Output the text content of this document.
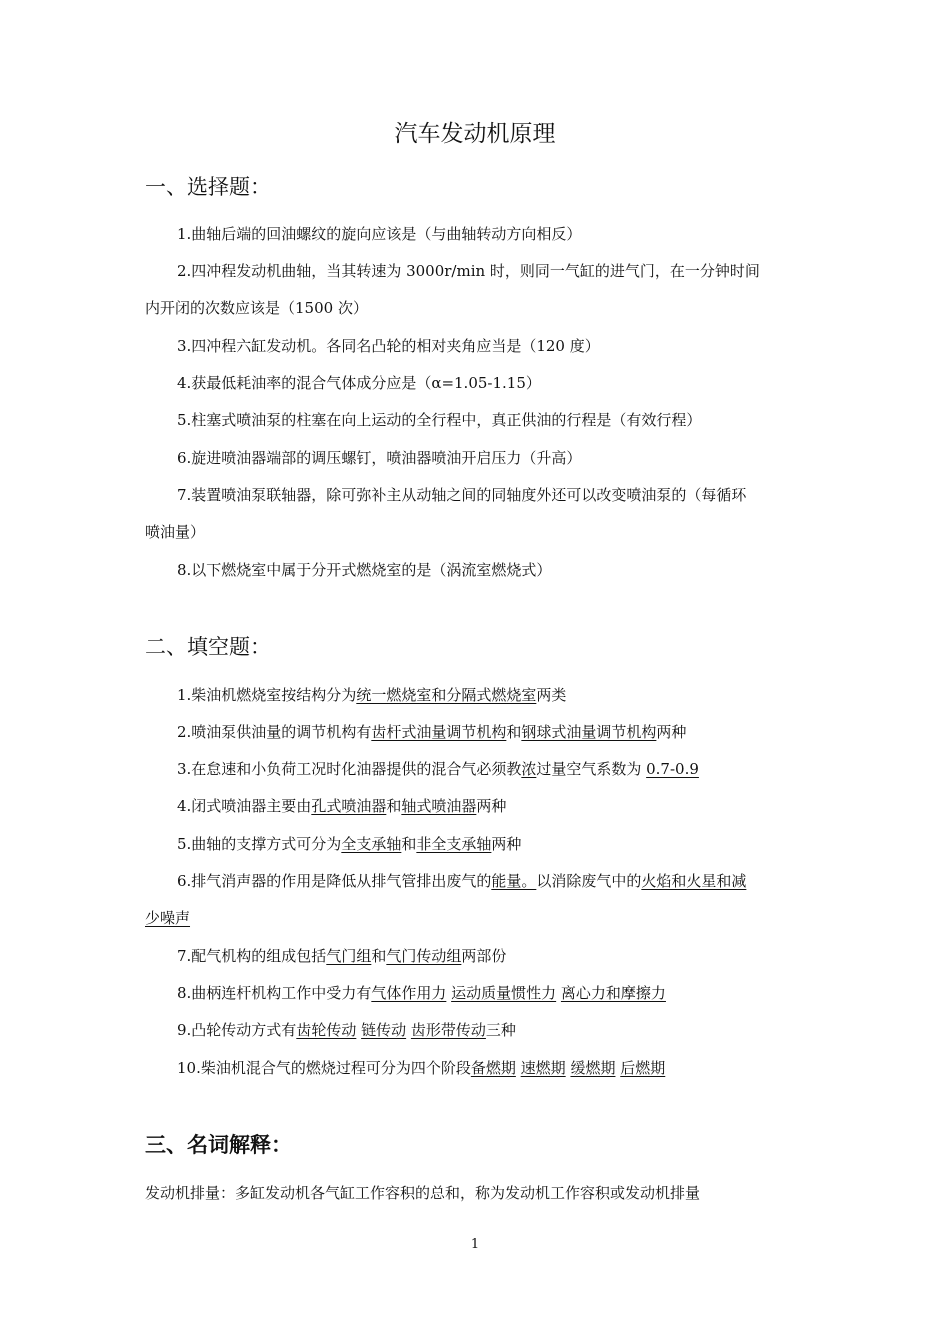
汽车发动机原理
一、选择题：
1.曲轴后端的回油螺纹的旋向应该是（与曲轴转动方向相反）
2.四冲程发动机曲轴，当其转速为 3000r/min 时，则同一气缸的进气门，在一分钟时间
内开闭的次数应该是（1500 次）
3.四冲程六缸发动机。各同名凸轮的相对夹角应当是（120 度）
4.获最低耗油率的混合气体成分应是（α=1.05-1.15）
5.柱塞式喷油泵的柱塞在向上运动的全行程中，真正供油的行程是（有效行程）
6.旋进喷油器端部的调压螺钉，喷油器喷油开启压力（升高）
7.装置喷油泵联轴器，除可弥补主从动轴之间的同轴度外还可以改变喷油泵的（每循环
喷油量）
8.以下燃烧室中属于分开式燃烧室的是（涡流室燃烧式）
二、填空题：
1.柴油机燃烧室按结构分为统一燃烧室和分隔式燃烧室两类
2.喷油泵供油量的调节机构有齿杆式油量调节机构和钢球式油量调节机构两种
3.在怠速和小负荷工况时化油器提供的混合气必须教浓过量空气系数为 0.7-0.9
4.闭式喷油器主要由孔式喷油器和轴式喷油器两种
5.曲轴的支撑方式可分为全支承轴和非全支承轴两种
6.排气消声器的作用是降低从排气管排出废气的能量。以消除废气中的火焰和火星和减
少噪声
7.配气机构的组成包括气门组和气门传动组两部份
8.曲柄连杆机构工作中受力有气体作用力 运动质量惯性力 离心力和摩擦力
9.凸轮传动方式有齿轮传动 链传动 齿形带传动三种
10.柴油机混合气的燃烧过程可分为四个阶段备燃期 速燃期 缓燃期 后燃期
三、名词解释：
发动机排量：多缸发动机各气缸工作容积的总和，称为发动机工作容积或发动机排量
1
